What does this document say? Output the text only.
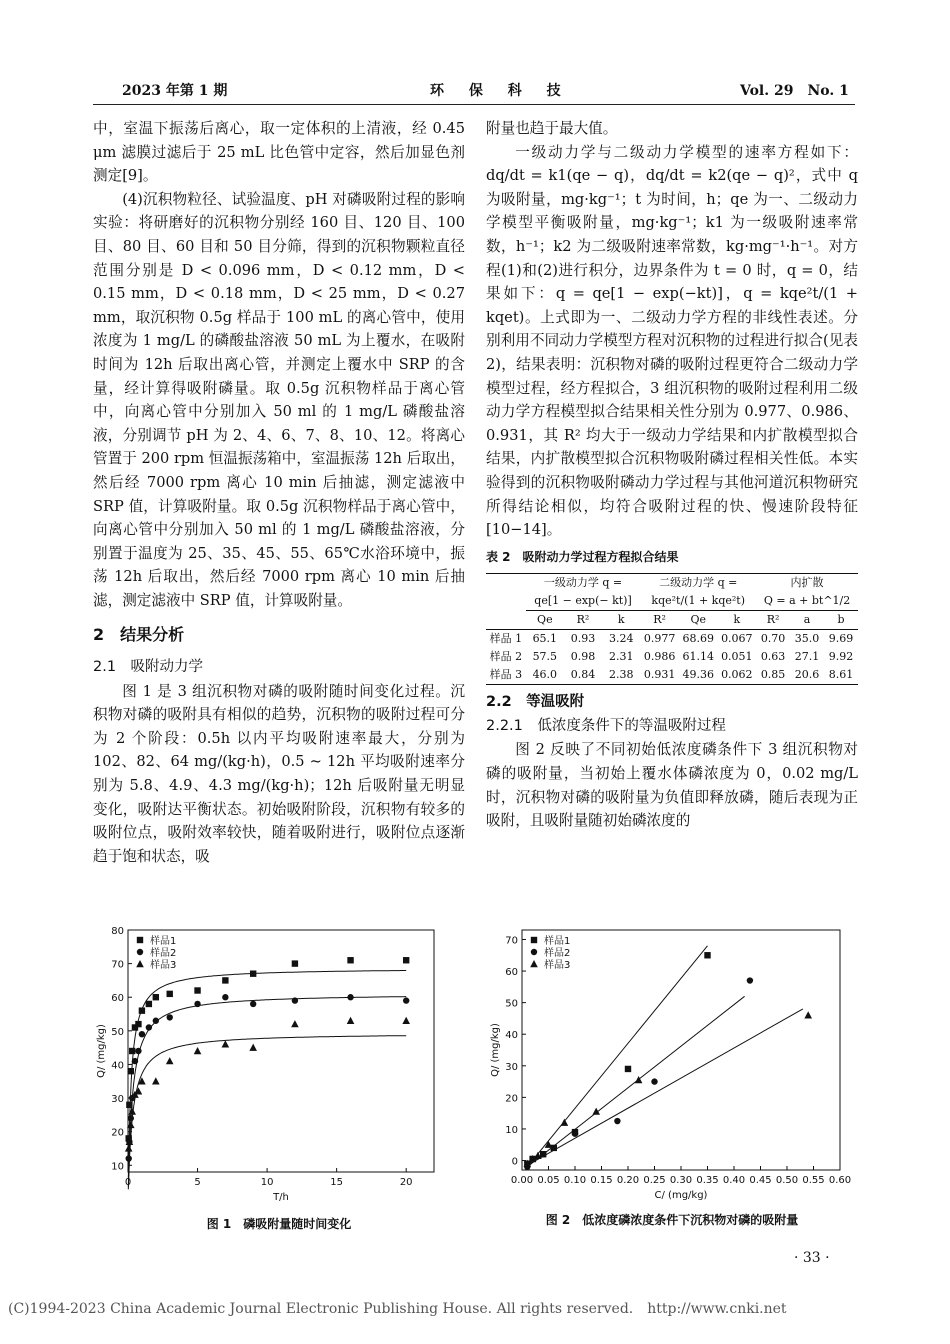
2023 年第 1 期	环 保 科 技	Vol. 29　No. 1

中，室温下振荡后离心，取一定体积的上清液，经 0.45 μm 滤膜过滤后于 25 mL 比色管中定容，然后加显色剂测定[9]。

(4)沉积物粒径、试验温度、pH 对磷吸附过程的影响实验：将研磨好的沉积物分别经 160 目、120 目、100 目、80 目、60 目和 50 目分筛，得到的沉积物颗粒直径范围分别是 D < 0.096 mm，D < 0.12 mm，D < 0.15 mm，D < 0.18 mm，D < 25 mm，D < 0.27 mm，取沉积物 0.5g 样品于 100 mL 的离心管中，使用浓度为 1 mg/L 的磷酸盐溶液 50 mL 为上覆水，在吸附时间为 12h 后取出离心管，并测定上覆水中 SRP 的含量，经计算得吸附磷量。取 0.5g 沉积物样品于离心管中，向离心管中分别加入 50 ml 的 1 mg/L 磷酸盐溶液，分别调节 pH 为 2、4、6、7、8、10、12。将离心管置于 200 rpm 恒温振荡箱中，室温振荡 12h 后取出，然后经 7000 rpm 离心 10 min 后抽滤，测定滤液中 SRP 值，计算吸附量。取 0.5g 沉积物样品于离心管中，向离心管中分别加入 50 ml 的 1 mg/L 磷酸盐溶液，分别置于温度为 25、35、45、55、65℃水浴环境中，振荡 12h 后取出，然后经 7000 rpm 离心 10 min 后抽滤，测定滤液中 SRP 值，计算吸附量。

2　结果分析

2.1　吸附动力学

图 1 是 3 组沉积物对磷的吸附随时间变化过程。沉积物对磷的吸附具有相似的趋势，沉积物的吸附过程可分为 2 个阶段：0.5h 以内平均吸附速率最大，分别为 102、82、64 mg/(kg·h)，0.5 ~ 12h 平均吸附速率分别为 5.8、4.9、4.3 mg/(kg·h)；12h 后吸附量无明显变化，吸附达平衡状态。初始吸附阶段，沉积物有较多的吸附位点，吸附效率较快，随着吸附进行，吸附位点逐渐趋于饱和状态，吸

附量也趋于最大值。

一级动力学与二级动力学模型的速率方程如下：dq/dt = k1(qe − q)，dq/dt = k2(qe − q)²，式中 q 为吸附量，mg·kg⁻¹；t 为时间，h；qe 为一、二级动力学模型平衡吸附量，mg·kg⁻¹；k1 为一级吸附速率常数，h⁻¹；k2 为二级吸附速率常数，kg·mg⁻¹·h⁻¹。对方程(1)和(2)进行积分，边界条件为 t = 0 时，q = 0，结果如下：q = qe[1 − exp(−kt)]，q = kqe²t/(1 + kqet)。上式即为一、二级动力学方程的非线性表述。分别利用不同动力学模型方程对沉积物的过程进行拟合(见表 2)，结果表明：沉积物对磷的吸附过程更符合二级动力学模型过程，经方程拟合，3 组沉积物的吸附过程利用二级动力学方程模型拟合结果相关性分别为 0.977、0.986、0.931，其 R² 均大于一级动力学结果和内扩散模型拟合结果，内扩散模型拟合沉积物吸附磷过程相关性低。本实验得到的沉积物吸附磷动力学过程与其他河道沉积物研究所得结论相似，均符合吸附过程的快、慢速阶段特征[10−14]。

表 2　吸附动力学过程方程拟合结果

	一级动力学 q =			二级动力学 q =			内扩散		
	qe[1 − exp(− kt)]			kqe²t/(1 + kqe²t)			Q = a + bt^1/2		
	Qe	R²	k	R²	Qe	k	R²	a	b
样品 1	65.1	0.93	3.24	0.977	68.69	0.067	0.70	35.0	9.69
样品 2	57.5	0.98	2.31	0.986	61.14	0.051	0.63	27.1	9.92
样品 3	46.0	0.84	2.38	0.931	49.36	0.062	0.85	20.6	8.61

2.2　等温吸附

2.2.1　低浓度条件下的等温吸附过程

图 2 反映了不同初始低浓度磷条件下 3 组沉积物对磷的吸附量，当初始上覆水体磷浓度为 0，0.02 mg/L 时，沉积物对磷的吸附量为负值即释放磷，随后表现为正吸附，且吸附量随初始磷浓度的

0	5	10	15	20
10
20
30
40
50
60
70
80
T/h
Q/ (mg/kg)
样品1
样品2
样品3
图 1　磷吸附量随时间变化
0.00 0.05 0.10 0.15 0.20 0.25 0.30 0.35 0.40 0.45 0.50 0.55 0.60
0
10
20
30
40
50
60
70
C/ (mg/kg)
Q/ (mg/kg)
样品1
样品2
样品3
图 2　低浓度磷浓度条件下沉积物对磷的吸附量
· 33 ·
(C)1994-2023 China Academic Journal Electronic Publishing House. All rights reserved.　http://www.cnki.net
